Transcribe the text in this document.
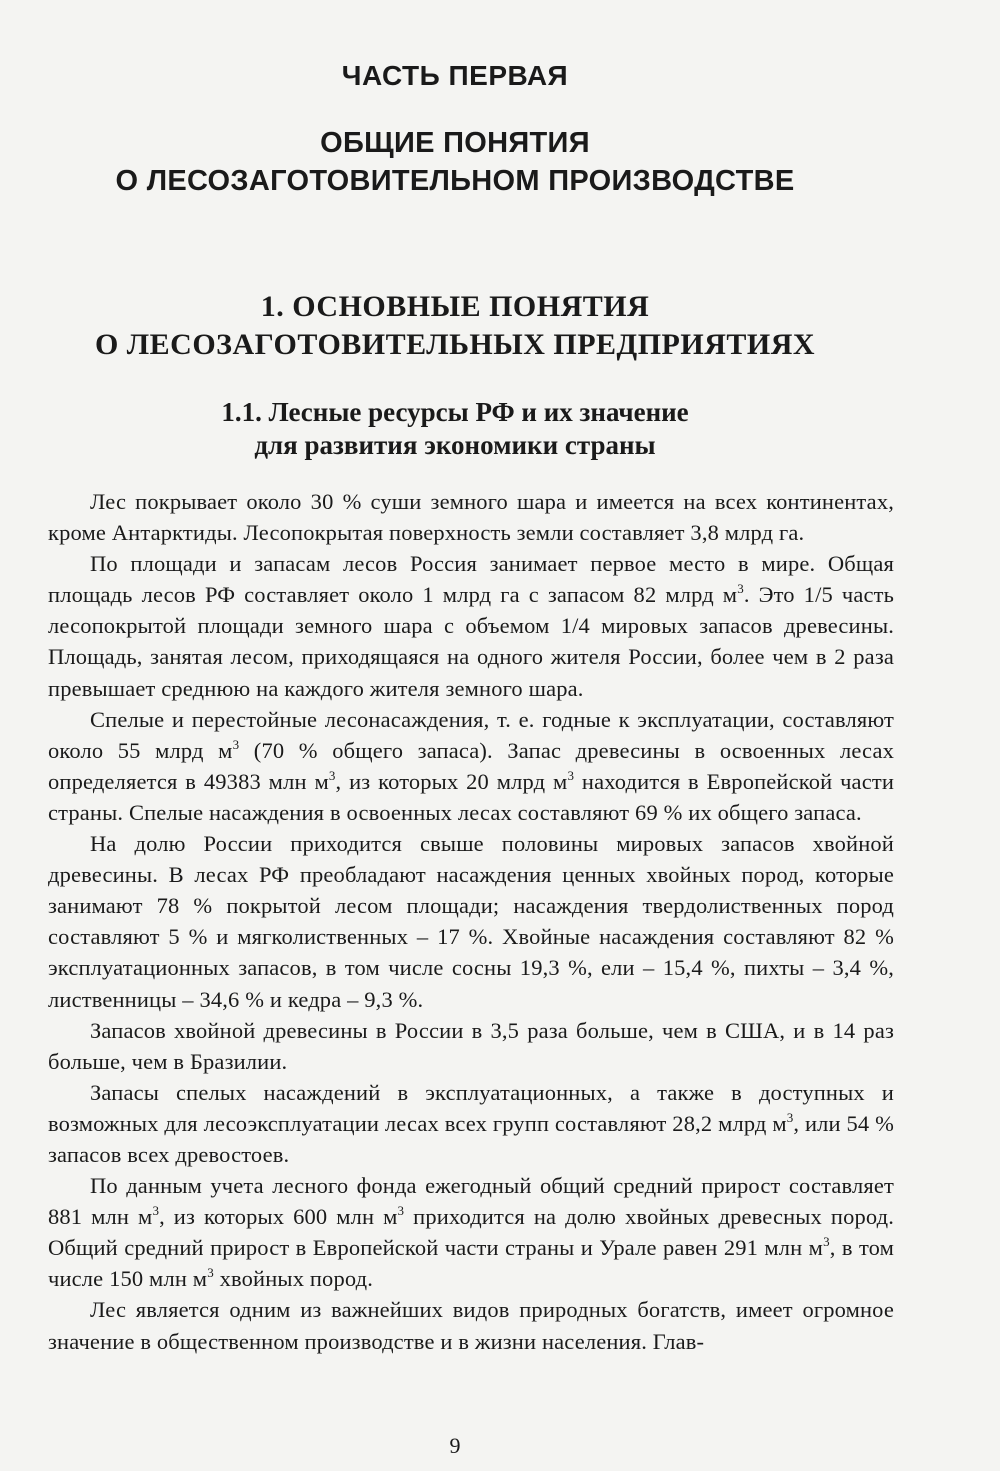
ЧАСТЬ ПЕРВАЯ
ОБЩИЕ ПОНЯТИЯ
О ЛЕСОЗАГОТОВИТЕЛЬНОМ ПРОИЗВОДСТВЕ
1. ОСНОВНЫЕ ПОНЯТИЯ
О ЛЕСОЗАГОТОВИТЕЛЬНЫХ ПРЕДПРИЯТИЯХ
1.1. Лесные ресурсы РФ и их значение
для развития экономики страны

Лес покрывает около 30 % суши земного шара и имеется на всех континентах, кроме Антарктиды. Лесопокрытая поверхность земли составляет 3,8 млрд га.

По площади и запасам лесов Россия занимает первое место в мире. Общая площадь лесов РФ составляет около 1 млрд га с запасом 82 млрд $м^3$. Это 1/5 часть лесопокрытой площади земного шара с объемом 1/4 мировых запасов древесины. Площадь, занятая лесом, приходящаяся на одного жителя России, более чем в 2 раза превышает среднюю на каждого жителя земного шара.

Спелые и перестойные лесонасаждения, т. е. годные к эксплуатации, составляют около 55 млрд $м^3$ (70 % общего запаса). Запас древесины в освоенных лесах определяется в 49383 млн $м^3$, из которых 20 млрд $м^3$ находится в Европейской части страны. Спелые насаждения в освоенных лесах составляют 69 % их общего запаса.

На долю России приходится свыше половины мировых запасов хвойной древесины. В лесах РФ преобладают насаждения ценных хвойных пород, которые занимают 78 % покрытой лесом площади; насаждения твердолиственных пород составляют 5 % и мягколиственных – 17 %. Хвойные насаждения составляют 82 % эксплуатационных запасов, в том числе сосны 19,3 %, ели – 15,4 %, пихты – 3,4 %, лиственницы – 34,6 % и кедра – 9,3 %.

Запасов хвойной древесины в России в 3,5 раза больше, чем в США, и в 14 раз больше, чем в Бразилии.

Запасы спелых насаждений в эксплуатационных, а также в доступных и возможных для лесоэксплуатации лесах всех групп составляют 28,2 млрд $м^3$, или 54 % запасов всех древостоев.

По данным учета лесного фонда ежегодный общий средний прирост составляет 881 млн $м^3$, из которых 600 млн $м^3$ приходится на долю хвойных древесных пород. Общий средний прирост в Европейской части страны и Урале равен 291 млн $м^3$, в том числе 150 млн $м^3$ хвойных пород.

Лес является одним из важнейших видов природных богатств, имеет огромное значение в общественном производстве и в жизни населения. Глав-

9
